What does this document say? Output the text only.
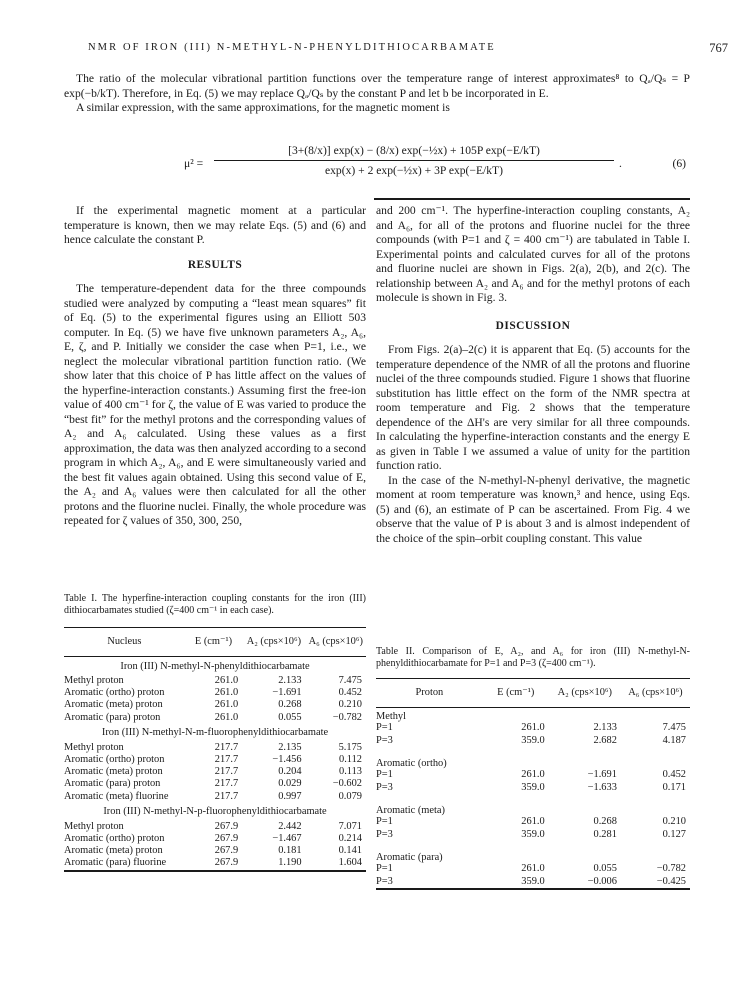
NMR OF IRON (III) N-METHYL-N-PHENYLDITHIOCARBAMATE	767

The ratio of the molecular vibrational partition functions over the temperature range of interest approximates⁸ to Qₐ/Qₛ = P exp(−b/kT). Therefore, in Eq. (5) we may replace Qₐ/Qₛ by the constant P and let b be incorporated in E.

A similar expression, with the same approximations, for the magnetic moment is

μ² =
[3+(8/x)] exp(x) − (8/x) exp(−½x) + 105P exp(−E/kT)
exp(x) + 2 exp(−½x) + 3P exp(−E/kT)
.	(6)

If the experimental magnetic moment at a particular temperature is known, then we may relate Eqs. (5) and (6) and hence calculate the constant P.

RESULTS

The temperature-dependent data for the three compounds studied were analyzed by computing a “least mean squares” fit of Eq. (5) to the experimental figures using an Elliott 503 computer. In Eq. (5) we have five unknown parameters A₂, A₆, E, ζ, and P. Initially we consider the case when P=1, i.e., we neglect the molecular vibrational partition function ratio. (We show later that this choice of P has little affect on the values of the hyperfine-interaction constants.) Assuming first the free-ion value of 400 cm⁻¹ for ζ, the value of E was varied to produce the “best fit” for the methyl protons and the corresponding values of A₂ and A₆ calculated. Using these values as a first approximation, the data was then analyzed according to a second program in which A₂, A₆, and E were simultaneously varied and the best fit values again obtained. Using this second value of E, the A₂ and A₆ values were then calculated for all the other protons and the fluorine nuclei. Finally, the whole procedure was repeated for ζ values of 350, 300, 250,

and 200 cm⁻¹. The hyperfine-interaction coupling constants, A₂ and A₆, for all of the protons and fluorine nuclei for the three compounds (with P=1 and ζ = 400 cm⁻¹) are tabulated in Table I. Experimental points and calculated curves for all of the protons and fluorine nuclei are shown in Figs. 2(a), 2(b), and 2(c). The relationship between A₂ and A₆ and for the methyl protons of each molecule is shown in Fig. 3.

DISCUSSION

From Figs. 2(a)–2(c) it is apparent that Eq. (5) accounts for the temperature dependence of the NMR of all the protons and fluorine nuclei of the three compounds studied. Figure 1 shows that fluorine substitution has little effect on the form of the NMR spectra at room temperature and Fig. 2 shows that the temperature dependence of the ΔH's are very similar for all three compounds. In calculating the hyperfine-interaction constants and the energy E as given in Table I we assumed a value of unity for the partition function ratio.

In the case of the N-methyl-N-phenyl derivative, the magnetic moment at room temperature was known,³ and hence, using Eqs. (5) and (6), an estimate of P can be ascertained. From Fig. 4 we observe that the value of P is about 3 and is almost independent of the choice of the spin–orbit coupling constant. This value

Table I. The hyperfine-interaction coupling constants for the iron (III) dithiocarbamates studied (ζ=400 cm⁻¹ in each case).
Nucleus	E (cm⁻¹)	A₂ (cps×10⁶)	A₆ (cps×10⁶)
Iron (III) N-methyl-N-phenyldithiocarbamate			
Methyl proton	261.0	2.133	7.475
Aromatic (ortho) proton	261.0	−1.691	0.452
Aromatic (meta) proton	261.0	0.268	0.210
Aromatic (para) proton	261.0	0.055	−0.782
Iron (III) N-methyl-N-m-fluorophenyldithiocarbamate			
Methyl proton	217.7	2.135	5.175
Aromatic (ortho) proton	217.7	−1.456	0.112
Aromatic (meta) proton	217.7	0.204	0.113
Aromatic (para) proton	217.7	0.029	−0.602
Aromatic (meta) fluorine	217.7	0.997	0.079
Iron (III) N-methyl-N-p-fluorophenyldithiocarbamate			
Methyl proton	267.9	2.442	7.071
Aromatic (ortho) proton	267.9	−1.467	0.214
Aromatic (meta) proton	267.9	0.181	0.141
Aromatic (para) fluorine	267.9	1.190	1.604
Table II. Comparison of E, A₂, and A₆ for iron (III) N-methyl-N-phenyldithiocarbamate for P=1 and P=3 (ζ=400 cm⁻¹).
Proton	E (cm⁻¹)	A₂ (cps×10⁶)	A₆ (cps×10⁶)
Methyl			
P=1	261.0	2.133	7.475
P=3	359.0	2.682	4.187
Aromatic (ortho)			
P=1	261.0	−1.691	0.452
P=3	359.0	−1.633	0.171
Aromatic (meta)			
P=1	261.0	0.268	0.210
P=3	359.0	0.281	0.127
Aromatic (para)			
P=1	261.0	0.055	−0.782
P=3	359.0	−0.006	−0.425
